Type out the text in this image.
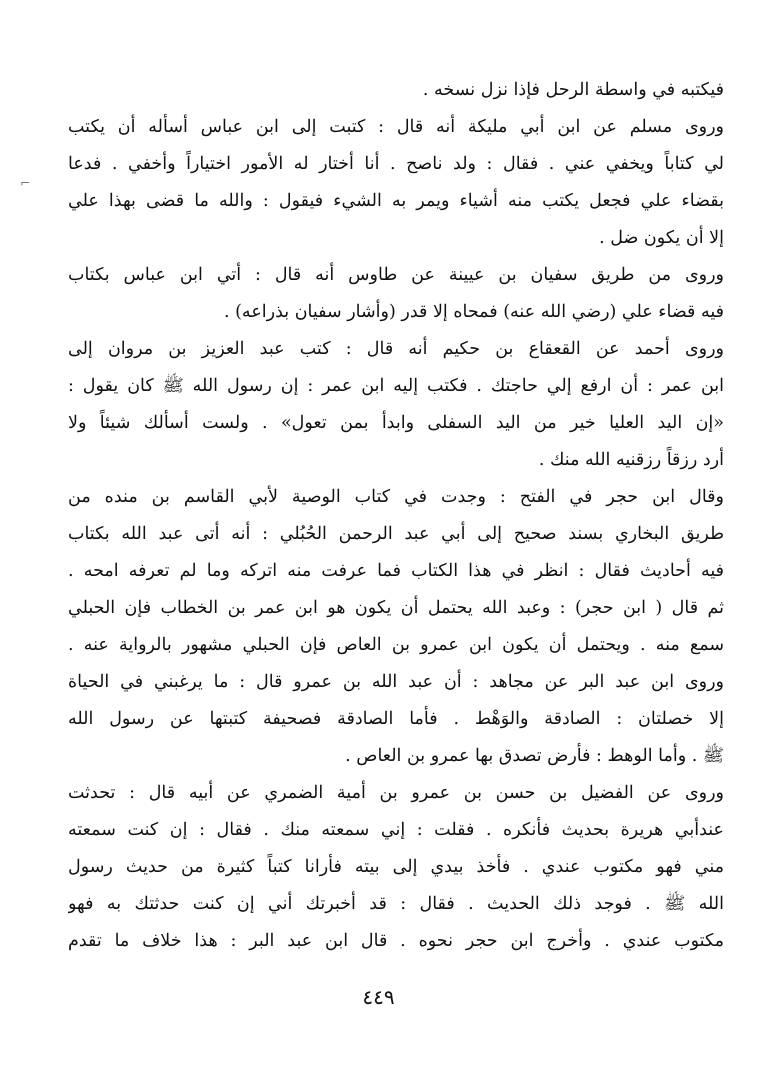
⌐
فيكتبه في واسطة الرحل فإذا نزل نسخه .
وروى مسلم عن ابن أبي مليكة أنه قال : كتبت إلى ابن عباس أسأله أن يكتب
لي كتاباً ويخفي عني . فقال : ولد ناصح . أنا أختار له الأمور اختياراً وأخفي . فدعا
بقضاء علي فجعل يكتب منه أشياء ويمر به الشيء فيقول : والله ما قضى بهذا علي
إلا أن يكون ضل .
وروى من طريق سفيان بن عيينة عن طاوس أنه قال : أتي ابن عباس بكتاب
فيه قضاء علي (رضي الله عنه) فمحاه إلا قدر (وأشار سفيان بذراعه) .
وروى أحمد عن القعقاع بن حكيم أنه قال : كتب عبد العزيز بن مروان إلى
ابن عمر : أن ارفع إلي حاجتك . فكتب إليه ابن عمر : إن رسول الله ﷺ كان يقول :
«إن اليد العليا خير من اليد السفلى وابدأ بمن تعول» . ولست أسألك شيئاً ولا
أرد رزقاً رزقنيه الله منك .
وقال ابن حجر في الفتح : وجدت في كتاب الوصية لأبي القاسم بن منده من
طريق البخاري بسند صحيح إلى أبي عبد الرحمن الحُبُلي : أنه أتى عبد الله بكتاب
فيه أحاديث فقال : انظر في هذا الكتاب فما عرفت منه اتركه وما لم تعرفه امحه .
ثم قال ( ابن حجر) : وعبد الله يحتمل أن يكون هو ابن عمر بن الخطاب فإن الحبلي
سمع منه . ويحتمل أن يكون ابن عمرو بن العاص فإن الحبلي مشهور بالرواية عنه .
وروى ابن عبد البر عن مجاهد : أن عبد الله بن عمرو قال : ما يرغبني في الحياة
إلا خصلتان : الصادقة والوَهْط . فأما الصادقة فصحيفة كتبتها عن رسول الله
ﷺ . وأما الوهط : فأرض تصدق بها عمرو بن العاص .
وروى عن الفضيل بن حسن بن عمرو بن أمية الضمري عن أبيه قال : تحدثت
عندأبي هريرة بحديث فأنكره . فقلت : إني سمعته منك . فقال : إن كنت سمعته
مني فهو مكتوب عندي . فأخذ بيدي إلى بيته فأرانا كتباً كثيرة من حديث رسول
الله ﷺ . فوجد ذلك الحديث . فقال : قد أخبرتك أني إن كنت حدثتك به فهو
مكتوب عندي . وأخرج ابن حجر نحوه . قال ابن عبد البر : هذا خلاف ما تقدم
٤٤٩
